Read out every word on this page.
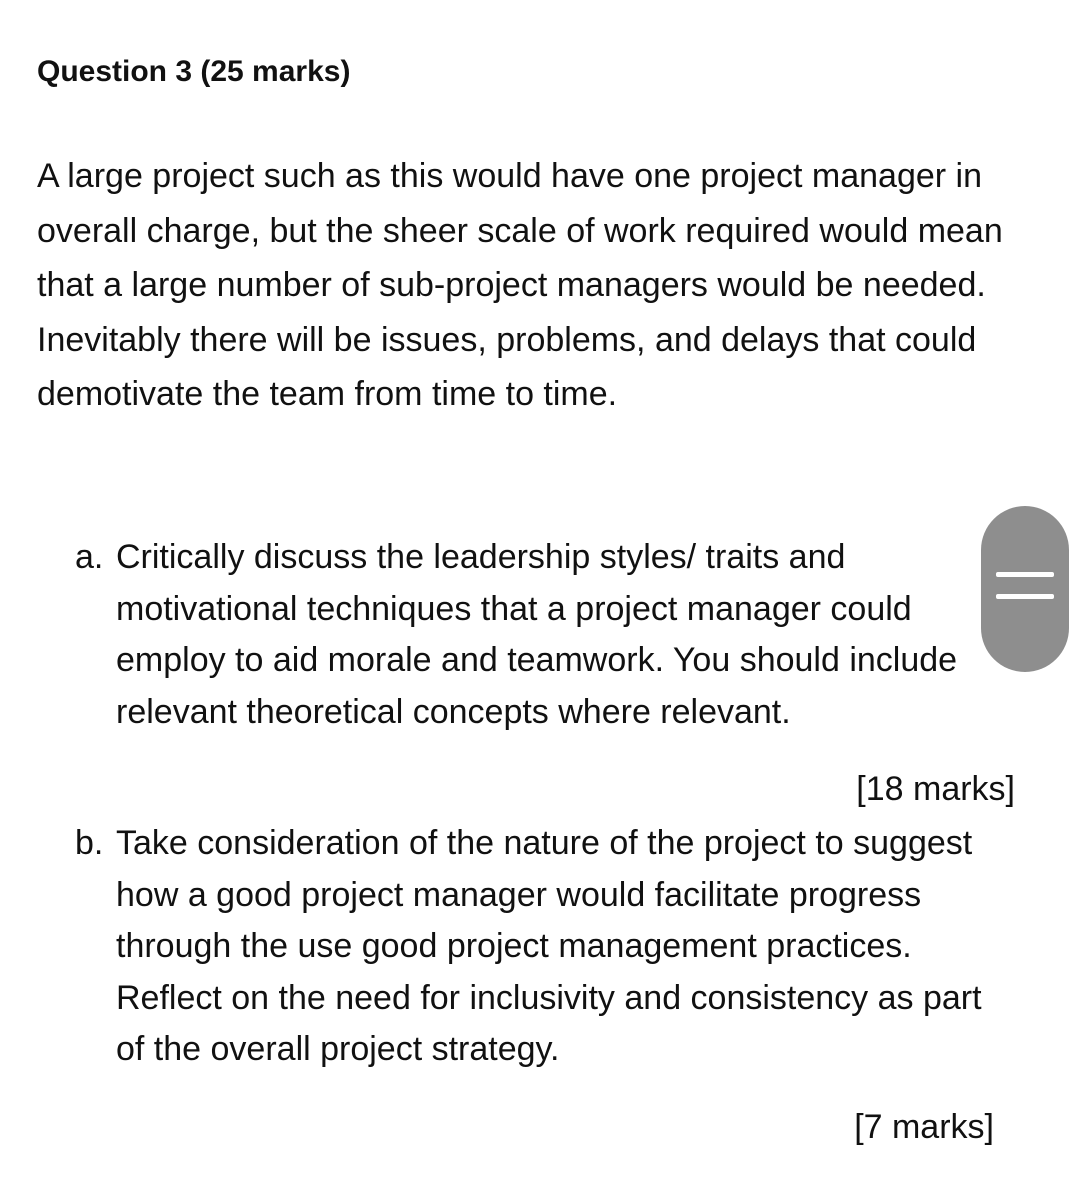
Question 3 (25 marks)

A large project such as this would have one project manager in overall charge, but the sheer scale of work required would mean that a large number of sub-project managers would be needed. Inevitably there will be issues, problems, and delays that could demotivate the team from time to time.

a. Critically discuss the leadership styles/ traits and motivational techniques that a project manager could employ to aid morale and teamwork. You should include relevant theoretical concepts where relevant.

[18 marks]

b. Take consideration of the nature of the project to suggest how a good project manager would facilitate progress through the use good project management practices. Reflect on the need for inclusivity and consistency as part of the overall project strategy.

[7 marks]
